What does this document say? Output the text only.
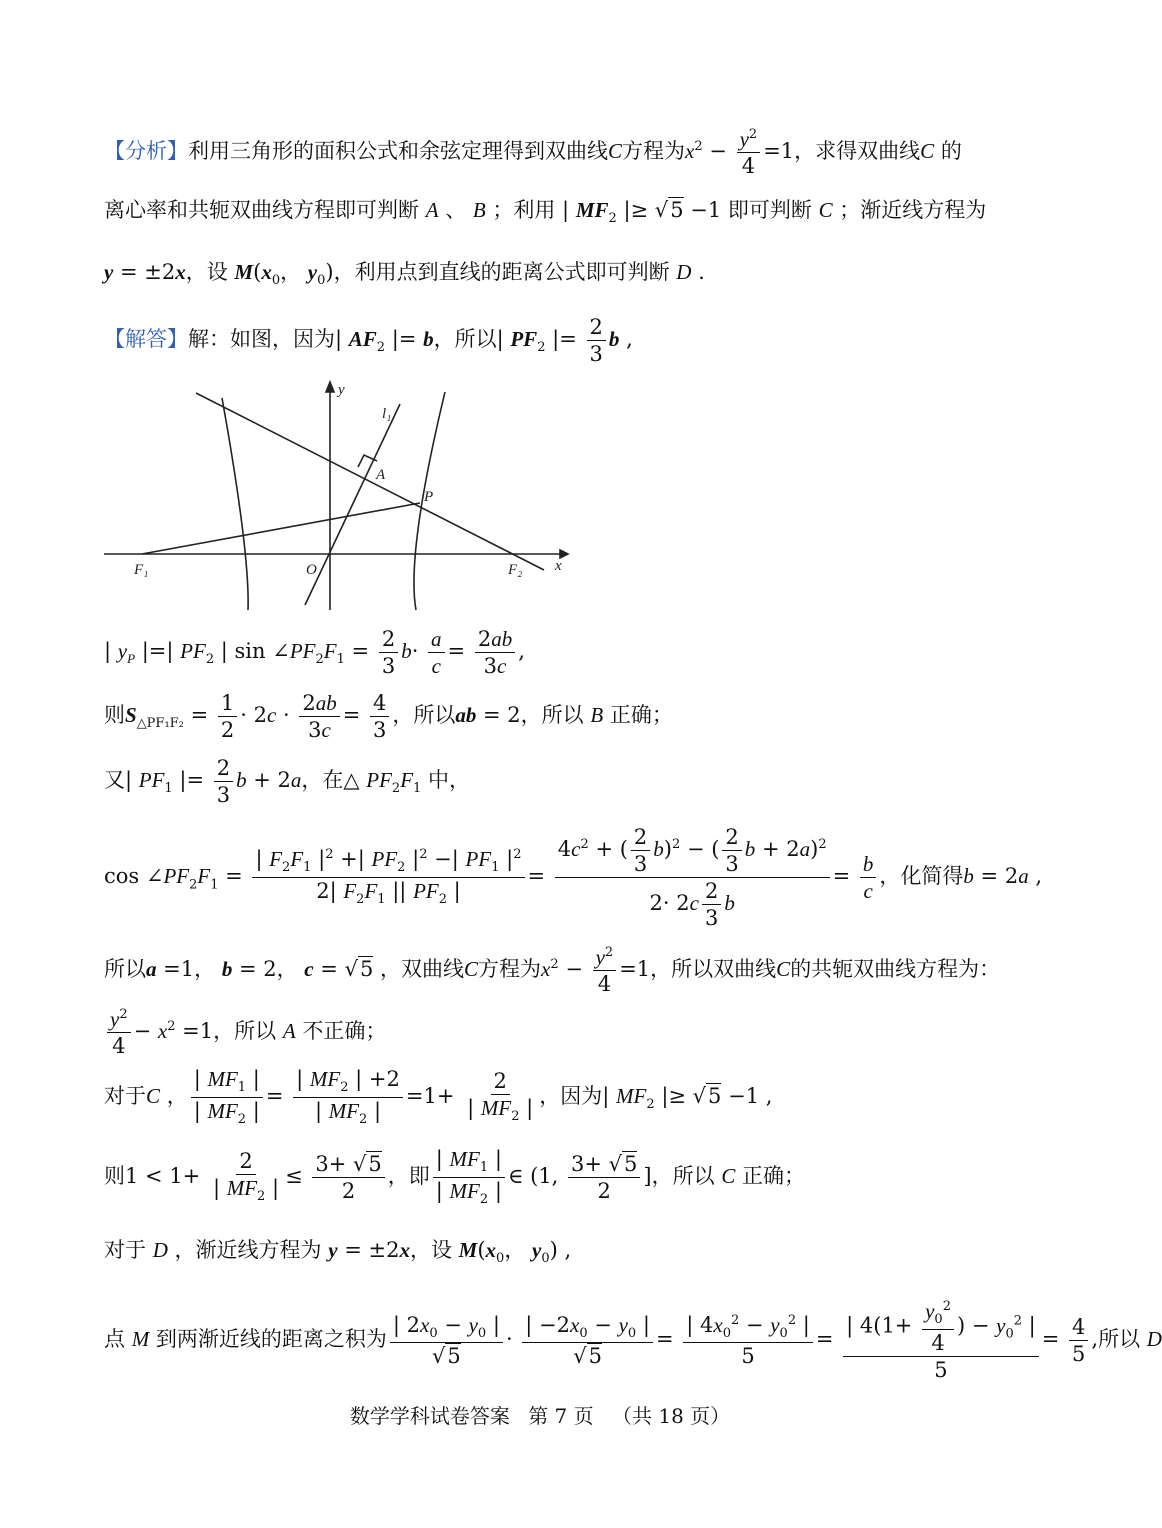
【分析】利用三角形的面积公式和余弦定理得到双曲线C方程为$x^2 - \frac{y^2}{4} =1$，求得双曲线C 的
离心率和共轭双曲线方程即可判断 A 、 B ；利用 | $MF_2$ |≥ √5 −1 即可判断 C ；渐近线方程为
y = ±2x，设 $M(x_0$， $y_0$)，利用点到直线的距离公式即可判断 D .
【解答】解：如图，因为| $AF_2$ |= b，所以| $PF_2$ |= $\frac{2}{3}$ b ,
y
x
l₁
A
P
O
F₁	F₂
| $y_P$ |=| $PF_2$ | $\sin \angle PF_2F_1 = \frac{2}{3} b\cdot \frac{a}{c} = \frac{2ab}{3c}$ ,
则$S_{\triangle PF_1F_2} = \frac{1}{2} \cdot 2c \cdot \frac{2ab}{3c} = \frac{4}{3}$ ，所以ab = 2，所以 B 正确；
又| $PF_1$ |= $\frac{2}{3}$ b + 2a，在△ $PF_2F_1$ 中，
$\cos \angle PF_2F_1 = \frac{| F_2F_1 |^2 +| PF_2 |^2 -| PF_1 |^2}{2| F_2F_1 || PF_2 |} = \frac{4c^2 + ( \frac{2}{3} b)^2 - ( \frac{2}{3} b + 2a)^2}{2\cdot 2c \frac{2}{3} b} = \frac{b}{c}$ ，化简得b = 2a ,
所以a =1， b = 2， c = √5 ，双曲线C方程为$x^2 - \frac{y^2}{4} =1$，所以双曲线C的共轭双曲线方程为：
$\frac{y^2}{4} - x^2 =1$，所以 A 不正确；
对于C ， $\frac{| MF_1 |}{| MF_2 |} = \frac{| MF_2 | +2}{| MF_2 |} =1+ \frac{2}{| MF_2 |}$ ，因为| $MF_2$ |≥ √5 −1 ,
则$1 < 1+ \frac{2}{| MF_2 |} \le \frac{3+ √5}{2}$ ，即 $\frac{| MF_1 |}{| MF_2 |}$ ∈ (1, $\frac{3+ √5}{2}$ ]，所以 C 正确；
对于 D ，渐近线方程为 y = ±2x，设 $M(x_0$， $y_0$) ,
点 M 到两渐近线的距离之积为 $\frac{| 2x_0 - y_0 |}{√5} \cdot \frac{| -2x_0 - y_0 |}{√5} = \frac{| 4x_0^2 - y_0^2 |}{5} = \frac{| 4(1+ \frac{y_0^2}{4} ) - y_0^2 |}{5} = \frac{4}{5}$ ,所以 D
数学学科试卷答案 第 7 页 （共 18 页）
